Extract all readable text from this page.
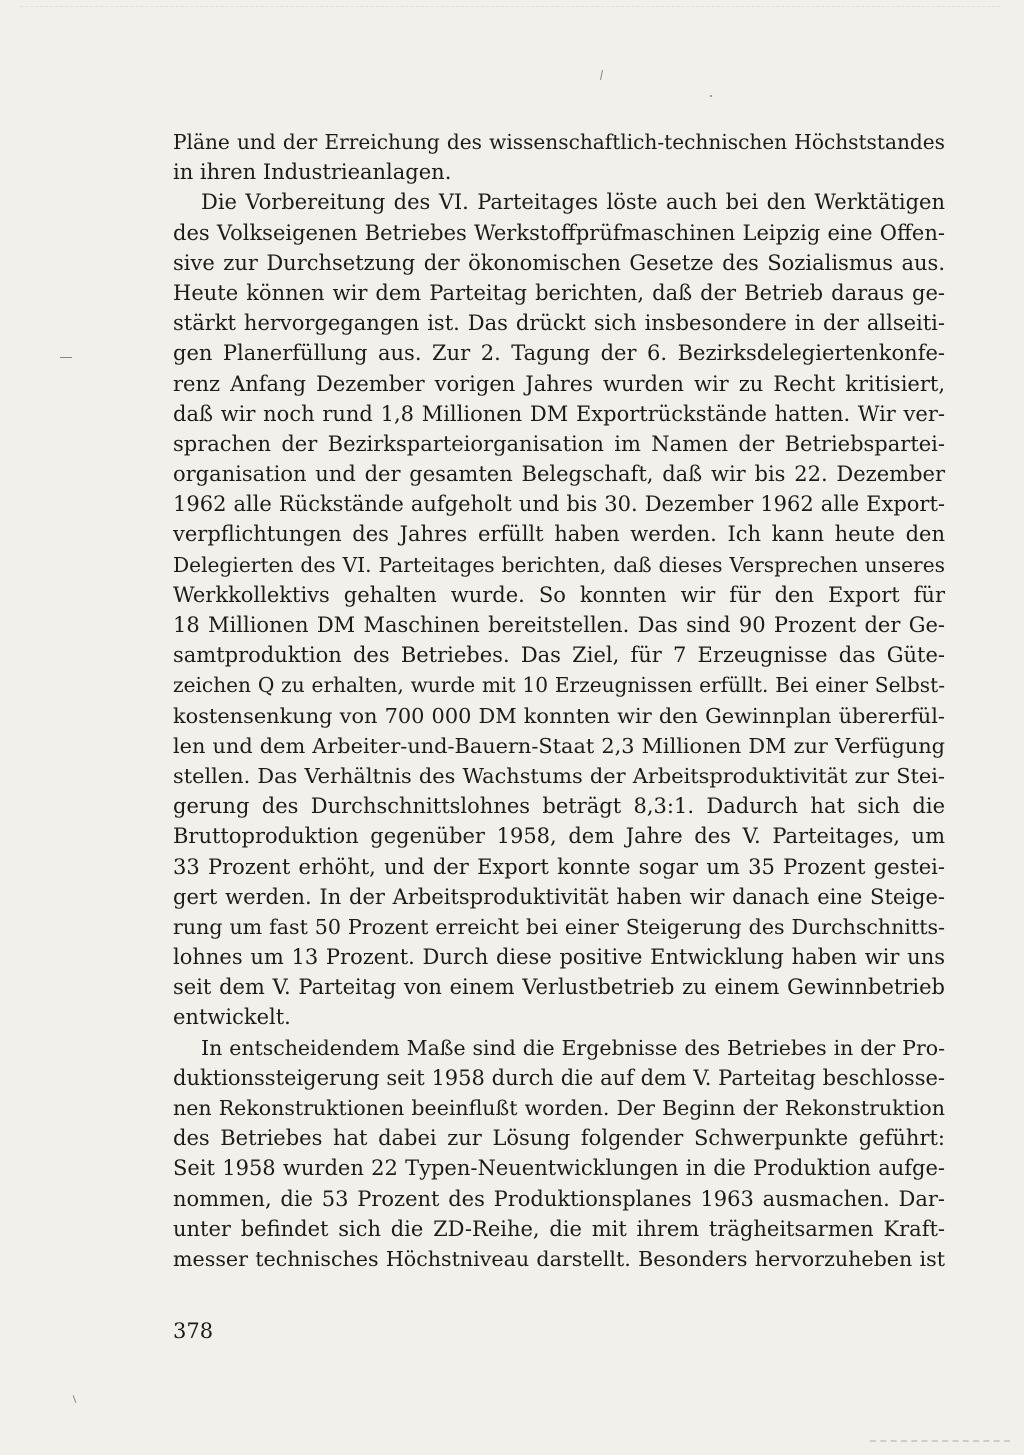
Pläne und der Erreichung des wissenschaftlich-technischen Höchststandes
in ihren Industrieanlagen.
Die Vorbereitung des VI. Parteitages löste auch bei den Werktätigen
des Volkseigenen Betriebes Werkstoffprüfmaschinen Leipzig eine Offen-
sive zur Durchsetzung der ökonomischen Gesetze des Sozialismus aus.
Heute können wir dem Parteitag berichten, daß der Betrieb daraus ge-
stärkt hervorgegangen ist. Das drückt sich insbesondere in der allseiti-
gen Planerfüllung aus. Zur 2. Tagung der 6. Bezirksdelegiertenkonfe-
renz Anfang Dezember vorigen Jahres wurden wir zu Recht kritisiert,
daß wir noch rund 1,8 Millionen DM Exportrückstände hatten. Wir ver-
sprachen der Bezirksparteiorganisation im Namen der Betriebspartei-
organisation und der gesamten Belegschaft, daß wir bis 22. Dezember
1962 alle Rückstände aufgeholt und bis 30. Dezember 1962 alle Export-
verpflichtungen des Jahres erfüllt haben werden. Ich kann heute den
Delegierten des VI. Parteitages berichten, daß dieses Versprechen unseres
Werkkollektivs gehalten wurde. So konnten wir für den Export für
18 Millionen DM Maschinen bereitstellen. Das sind 90 Prozent der Ge-
samtproduktion des Betriebes. Das Ziel, für 7 Erzeugnisse das Güte-
zeichen Q zu erhalten, wurde mit 10 Erzeugnissen erfüllt. Bei einer Selbst-
kostensenkung von 700 000 DM konnten wir den Gewinnplan übererfül-
len und dem Arbeiter-und-Bauern-Staat 2,3 Millionen DM zur Verfügung
stellen. Das Verhältnis des Wachstums der Arbeitsproduktivität zur Stei-
gerung des Durchschnittslohnes beträgt 8,3:1. Dadurch hat sich die
Bruttoproduktion gegenüber 1958, dem Jahre des V. Parteitages, um
33 Prozent erhöht, und der Export konnte sogar um 35 Prozent gestei-
gert werden. In der Arbeitsproduktivität haben wir danach eine Steige-
rung um fast 50 Prozent erreicht bei einer Steigerung des Durchschnitts-
lohnes um 13 Prozent. Durch diese positive Entwicklung haben wir uns
seit dem V. Parteitag von einem Verlustbetrieb zu einem Gewinnbetrieb
entwickelt.
In entscheidendem Maße sind die Ergebnisse des Betriebes in der Pro-
duktionssteigerung seit 1958 durch die auf dem V. Parteitag beschlosse-
nen Rekonstruktionen beeinflußt worden. Der Beginn der Rekonstruktion
des Betriebes hat dabei zur Lösung folgender Schwerpunkte geführt:
Seit 1958 wurden 22 Typen-Neuentwicklungen in die Produktion aufge-
nommen, die 53 Prozent des Produktionsplanes 1963 ausmachen. Dar-
unter befindet sich die ZD-Reihe, die mit ihrem trägheitsarmen Kraft-
messer technisches Höchstniveau darstellt. Besonders hervorzuheben ist
378
